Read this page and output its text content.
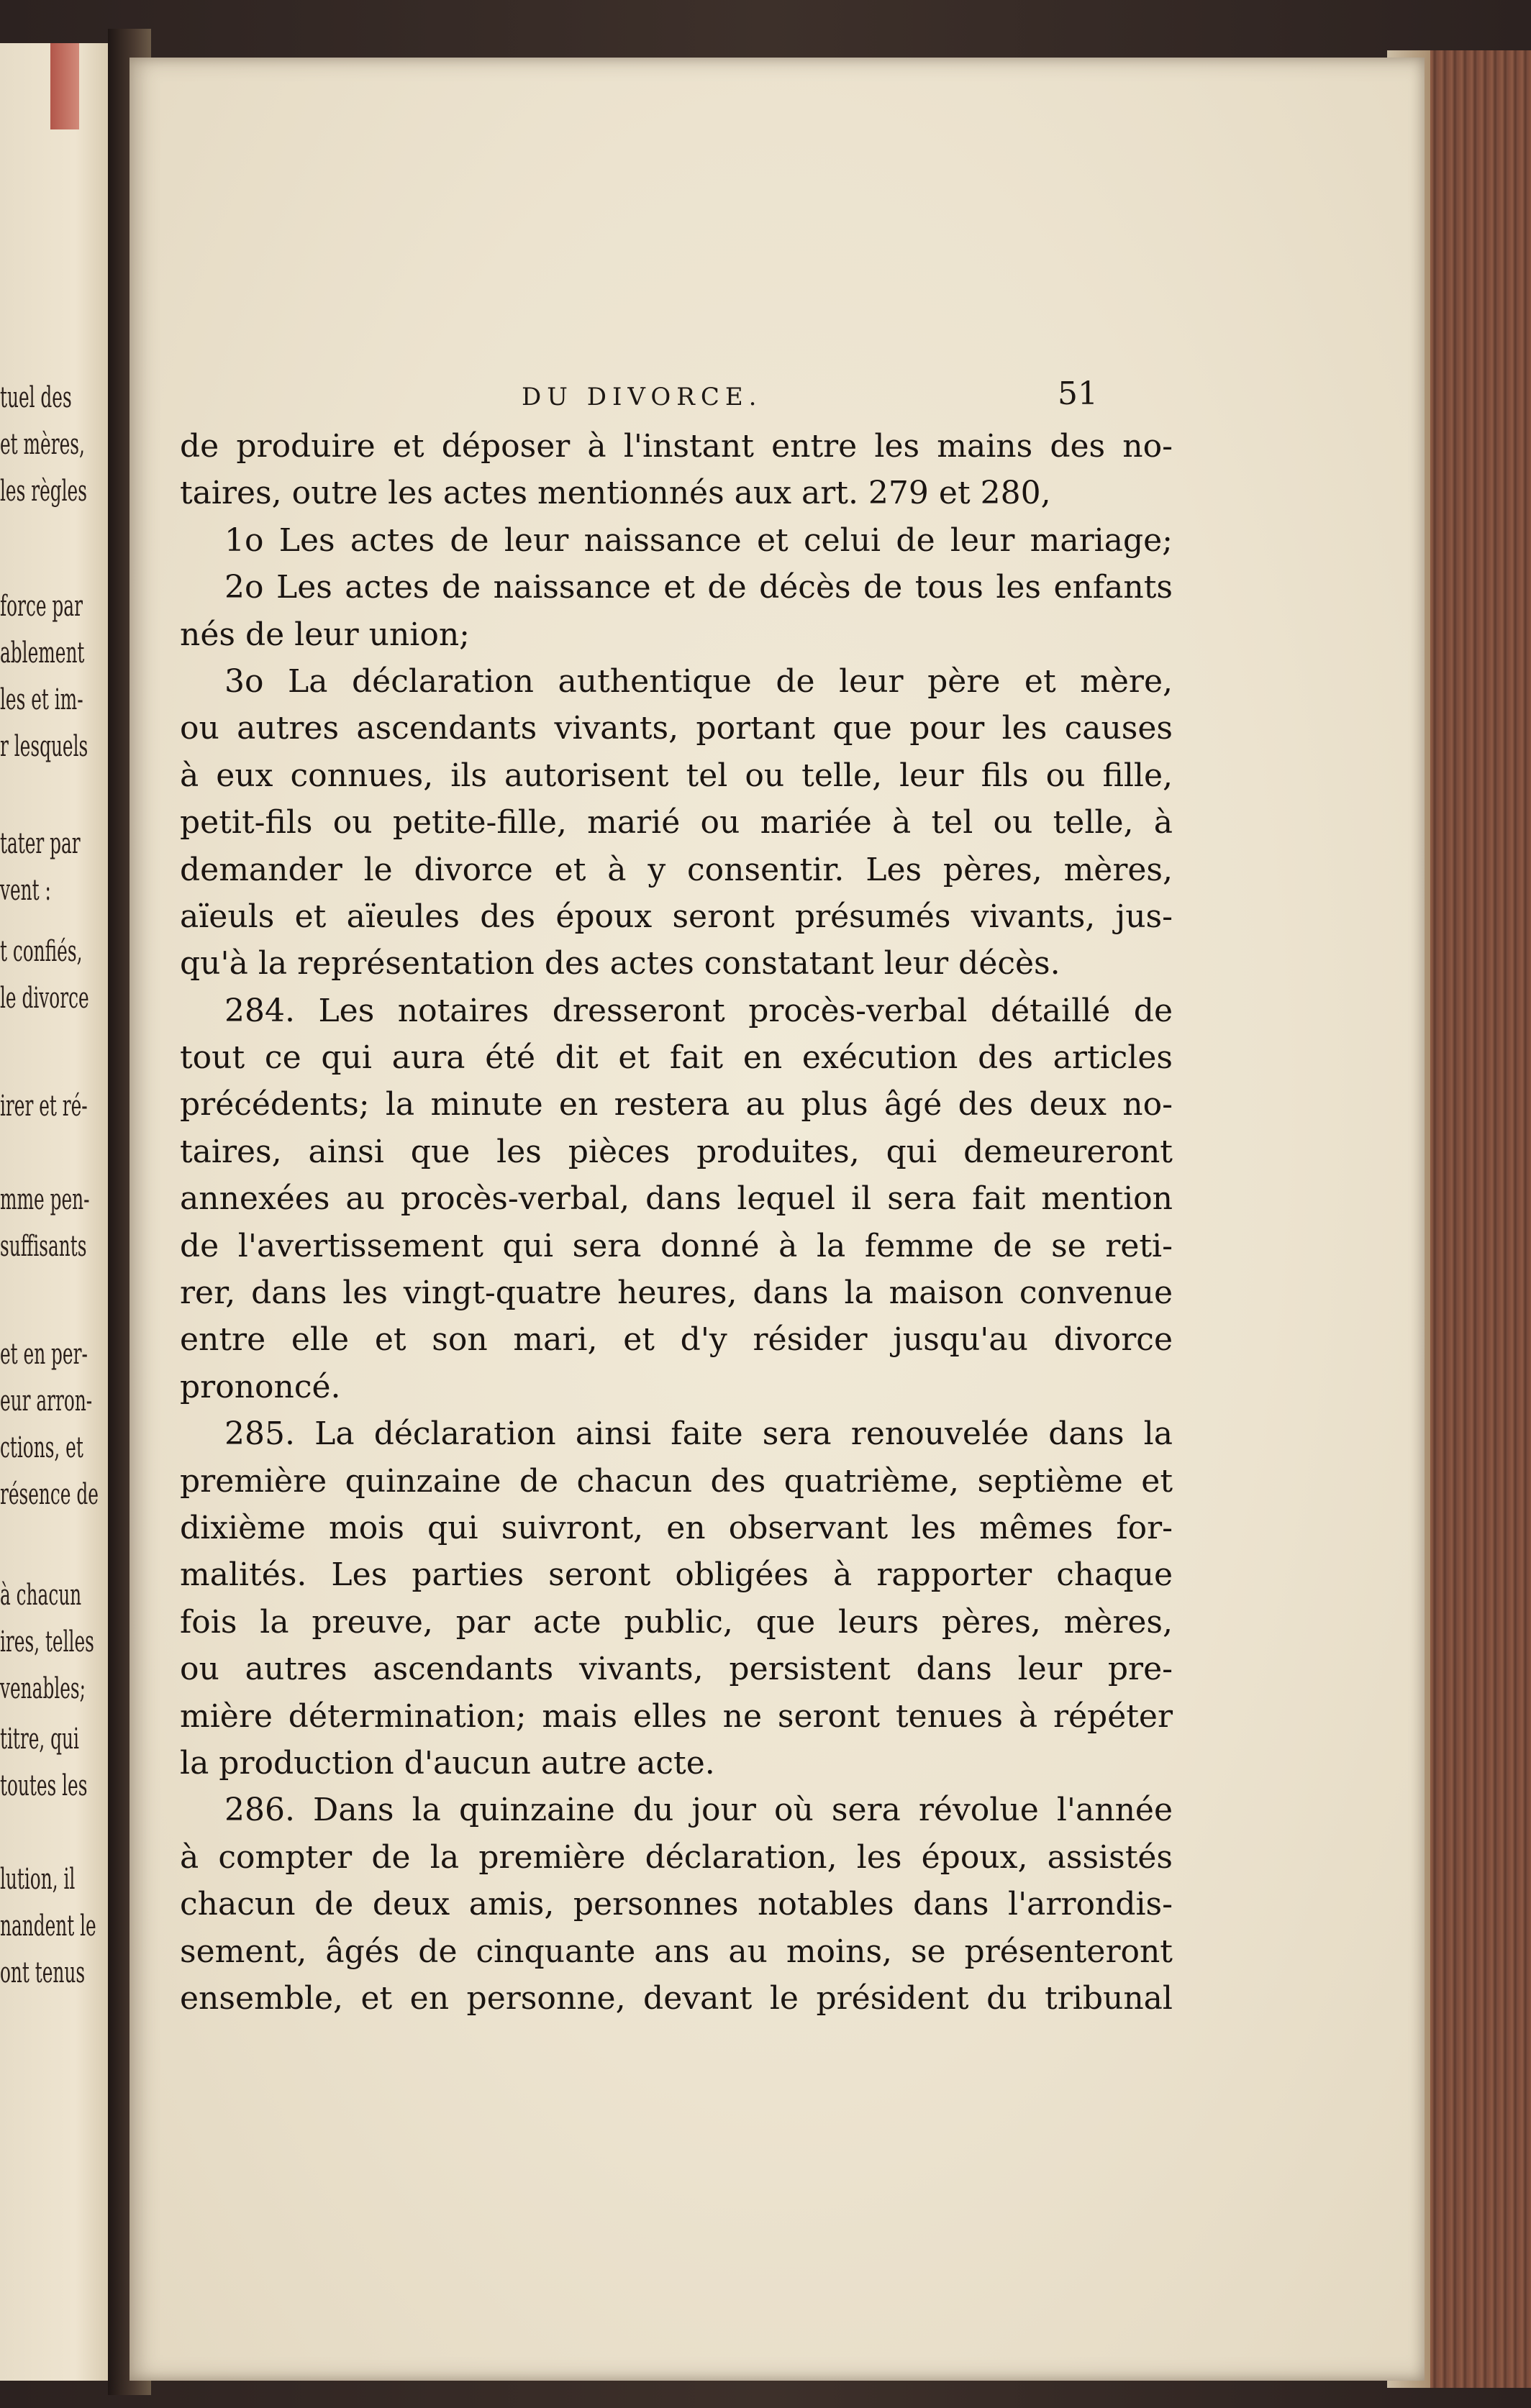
tuel des
et mères,
les règles
force par
ablement
les et im-
r lesquels
tater par
vent :
t confiés,
le divorce
irer et ré-
mme pen-
suffisants
et en per-
eur arron-
ctions, et
résence de
à chacun
ires, telles
venables;
titre, qui
toutes les
lution, il
nandent le
ont tenus
DU DIVORCE.	51
de produire et déposer à l'instant entre les mains des no-
taires, outre les actes mentionnés aux art. 279 et 280,
1o Les actes de leur naissance et celui de leur mariage;
2o Les actes de naissance et de décès de tous les enfants
nés de leur union;
3o La déclaration authentique de leur père et mère,
ou autres ascendants vivants, portant que pour les causes
à eux connues, ils autorisent tel ou telle, leur fils ou fille,
petit-fils ou petite-fille, marié ou mariée à tel ou telle, à
demander le divorce et à y consentir. Les pères, mères,
aïeuls et aïeules des époux seront présumés vivants, jus-
qu'à la représentation des actes constatant leur décès.
284. Les notaires dresseront procès-verbal détaillé de
tout ce qui aura été dit et fait en exécution des articles
précédents; la minute en restera au plus âgé des deux no-
taires, ainsi que les pièces produites, qui demeureront
annexées au procès-verbal, dans lequel il sera fait mention
de l'avertissement qui sera donné à la femme de se reti-
rer, dans les vingt-quatre heures, dans la maison convenue
entre elle et son mari, et d'y résider jusqu'au divorce
prononcé.
285. La déclaration ainsi faite sera renouvelée dans la
première quinzaine de chacun des quatrième, septième et
dixième mois qui suivront, en observant les mêmes for-
malités. Les parties seront obligées à rapporter chaque
fois la preuve, par acte public, que leurs pères, mères,
ou autres ascendants vivants, persistent dans leur pre-
mière détermination; mais elles ne seront tenues à répéter
la production d'aucun autre acte.
286. Dans la quinzaine du jour où sera révolue l'année
à compter de la première déclaration, les époux, assistés
chacun de deux amis, personnes notables dans l'arrondis-
sement, âgés de cinquante ans au moins, se présenteront
ensemble, et en personne, devant le président du tribunal
